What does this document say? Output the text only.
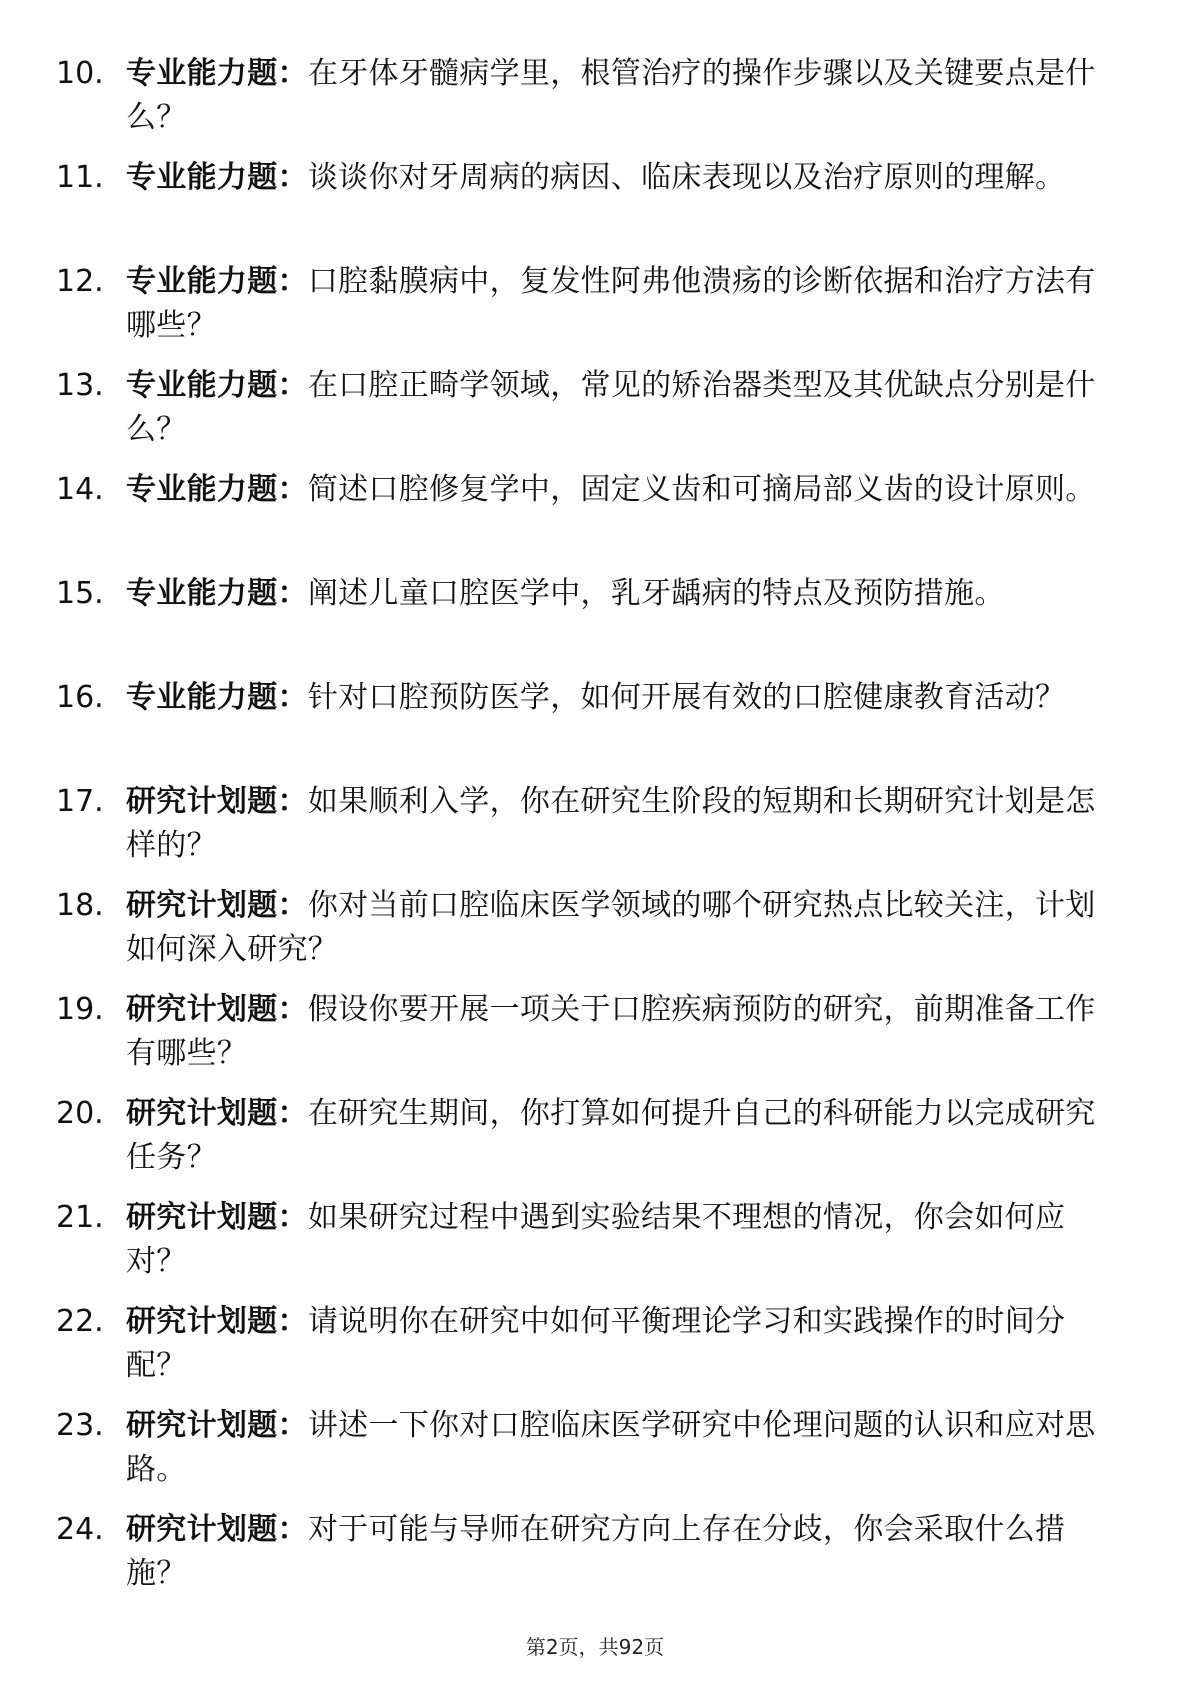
10. 专业能力题：在牙体牙髓病学里，根管治疗的操作步骤以及关键要点是什么？
11. 专业能力题：谈谈你对牙周病的病因、临床表现以及治疗原则的理解。
12. 专业能力题：口腔黏膜病中，复发性阿弗他溃疡的诊断依据和治疗方法有哪些？
13. 专业能力题：在口腔正畸学领域，常见的矫治器类型及其优缺点分别是什么？
14. 专业能力题：简述口腔修复学中，固定义齿和可摘局部义齿的设计原则。
15. 专业能力题：阐述儿童口腔医学中，乳牙龋病的特点及预防措施。
16. 专业能力题：针对口腔预防医学，如何开展有效的口腔健康教育活动？
17. 研究计划题：如果顺利入学，你在研究生阶段的短期和长期研究计划是怎样的？
18. 研究计划题：你对当前口腔临床医学领域的哪个研究热点比较关注，计划如何深入研究？
19. 研究计划题：假设你要开展一项关于口腔疾病预防的研究，前期准备工作有哪些？
20. 研究计划题：在研究生期间，你打算如何提升自己的科研能力以完成研究任务？
21. 研究计划题：如果研究过程中遇到实验结果不理想的情况，你会如何应对？
22. 研究计划题：请说明你在研究中如何平衡理论学习和实践操作的时间分配？
23. 研究计划题：讲述一下你对口腔临床医学研究中伦理问题的认识和应对思路。
24. 研究计划题：对于可能与导师在研究方向上存在分歧，你会采取什么措施？
第2页，共92页
